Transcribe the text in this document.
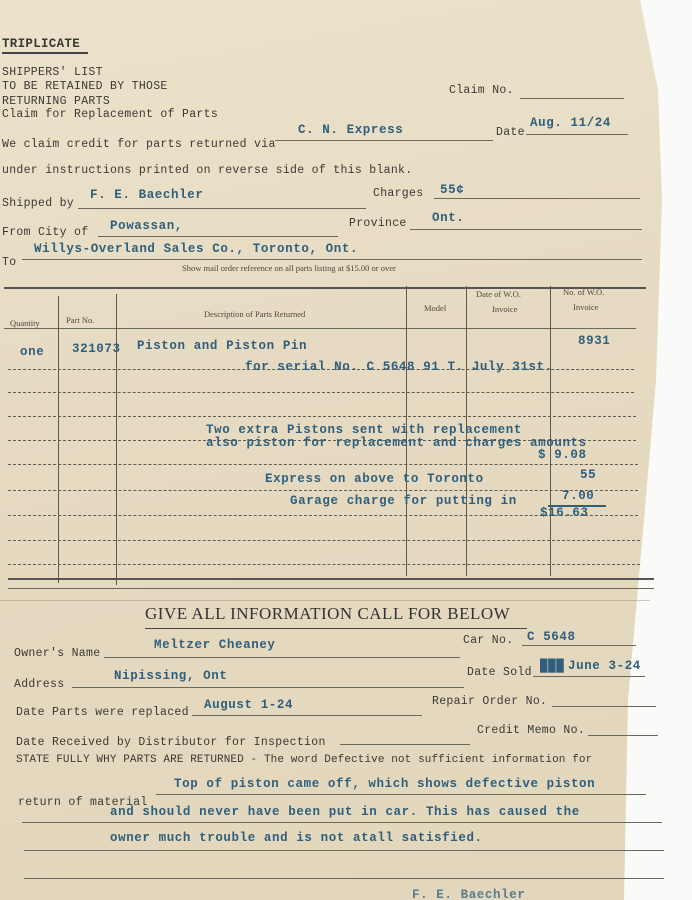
TRIPLICATE
SHIPPERS' LIST
TO BE RETAINED BY THOSE
RETURNING PARTS
Claim for Replacement of Parts
Claim No.
We claim credit for parts returned via
C. N. Express	Date
Aug. 11/24
under instructions printed on reverse side of this blank.
Shipped by
F. E. Baechler	Charges 55¢
From City of Powassan,	Province Ont.
To
Willys-Overland Sales Co., Toronto, Ont.
Show mail order reference on all parts listing at $15.00 or over
Quantity	Part No.
Description of Parts Returned
Model
Date of W.O.
Invoice
No. of W.O.
Invoice
one 321073 Piston and Piston Pin
for serial No. C 5648 91 T. July 31st.
8931
Two extra Pistons sent with replacement
also piston for replacement and charges amounts
$ 9.08
Express on above to Toronto	55
Garage charge for putting in	7.00
$16.63
GIVE ALL INFORMATION CALL FOR BELOW
Owner's Name
Meltzer Cheaney	Car No. C 5648
Address
Nipissing, Ont	Date Sold ███ June 3-24
Date Parts were replaced
August 1-24	Repair Order No.
Date Received by Distributor for Inspection
Credit Memo No.
STATE FULLY WHY PARTS ARE RETURNED - The word Defective not sufficient information for
return of material
Top of piston came off, which shows defective piston
and should never have been put in car. This has caused the
owner much trouble and is not atall satisfied.
F. E. Baechler
